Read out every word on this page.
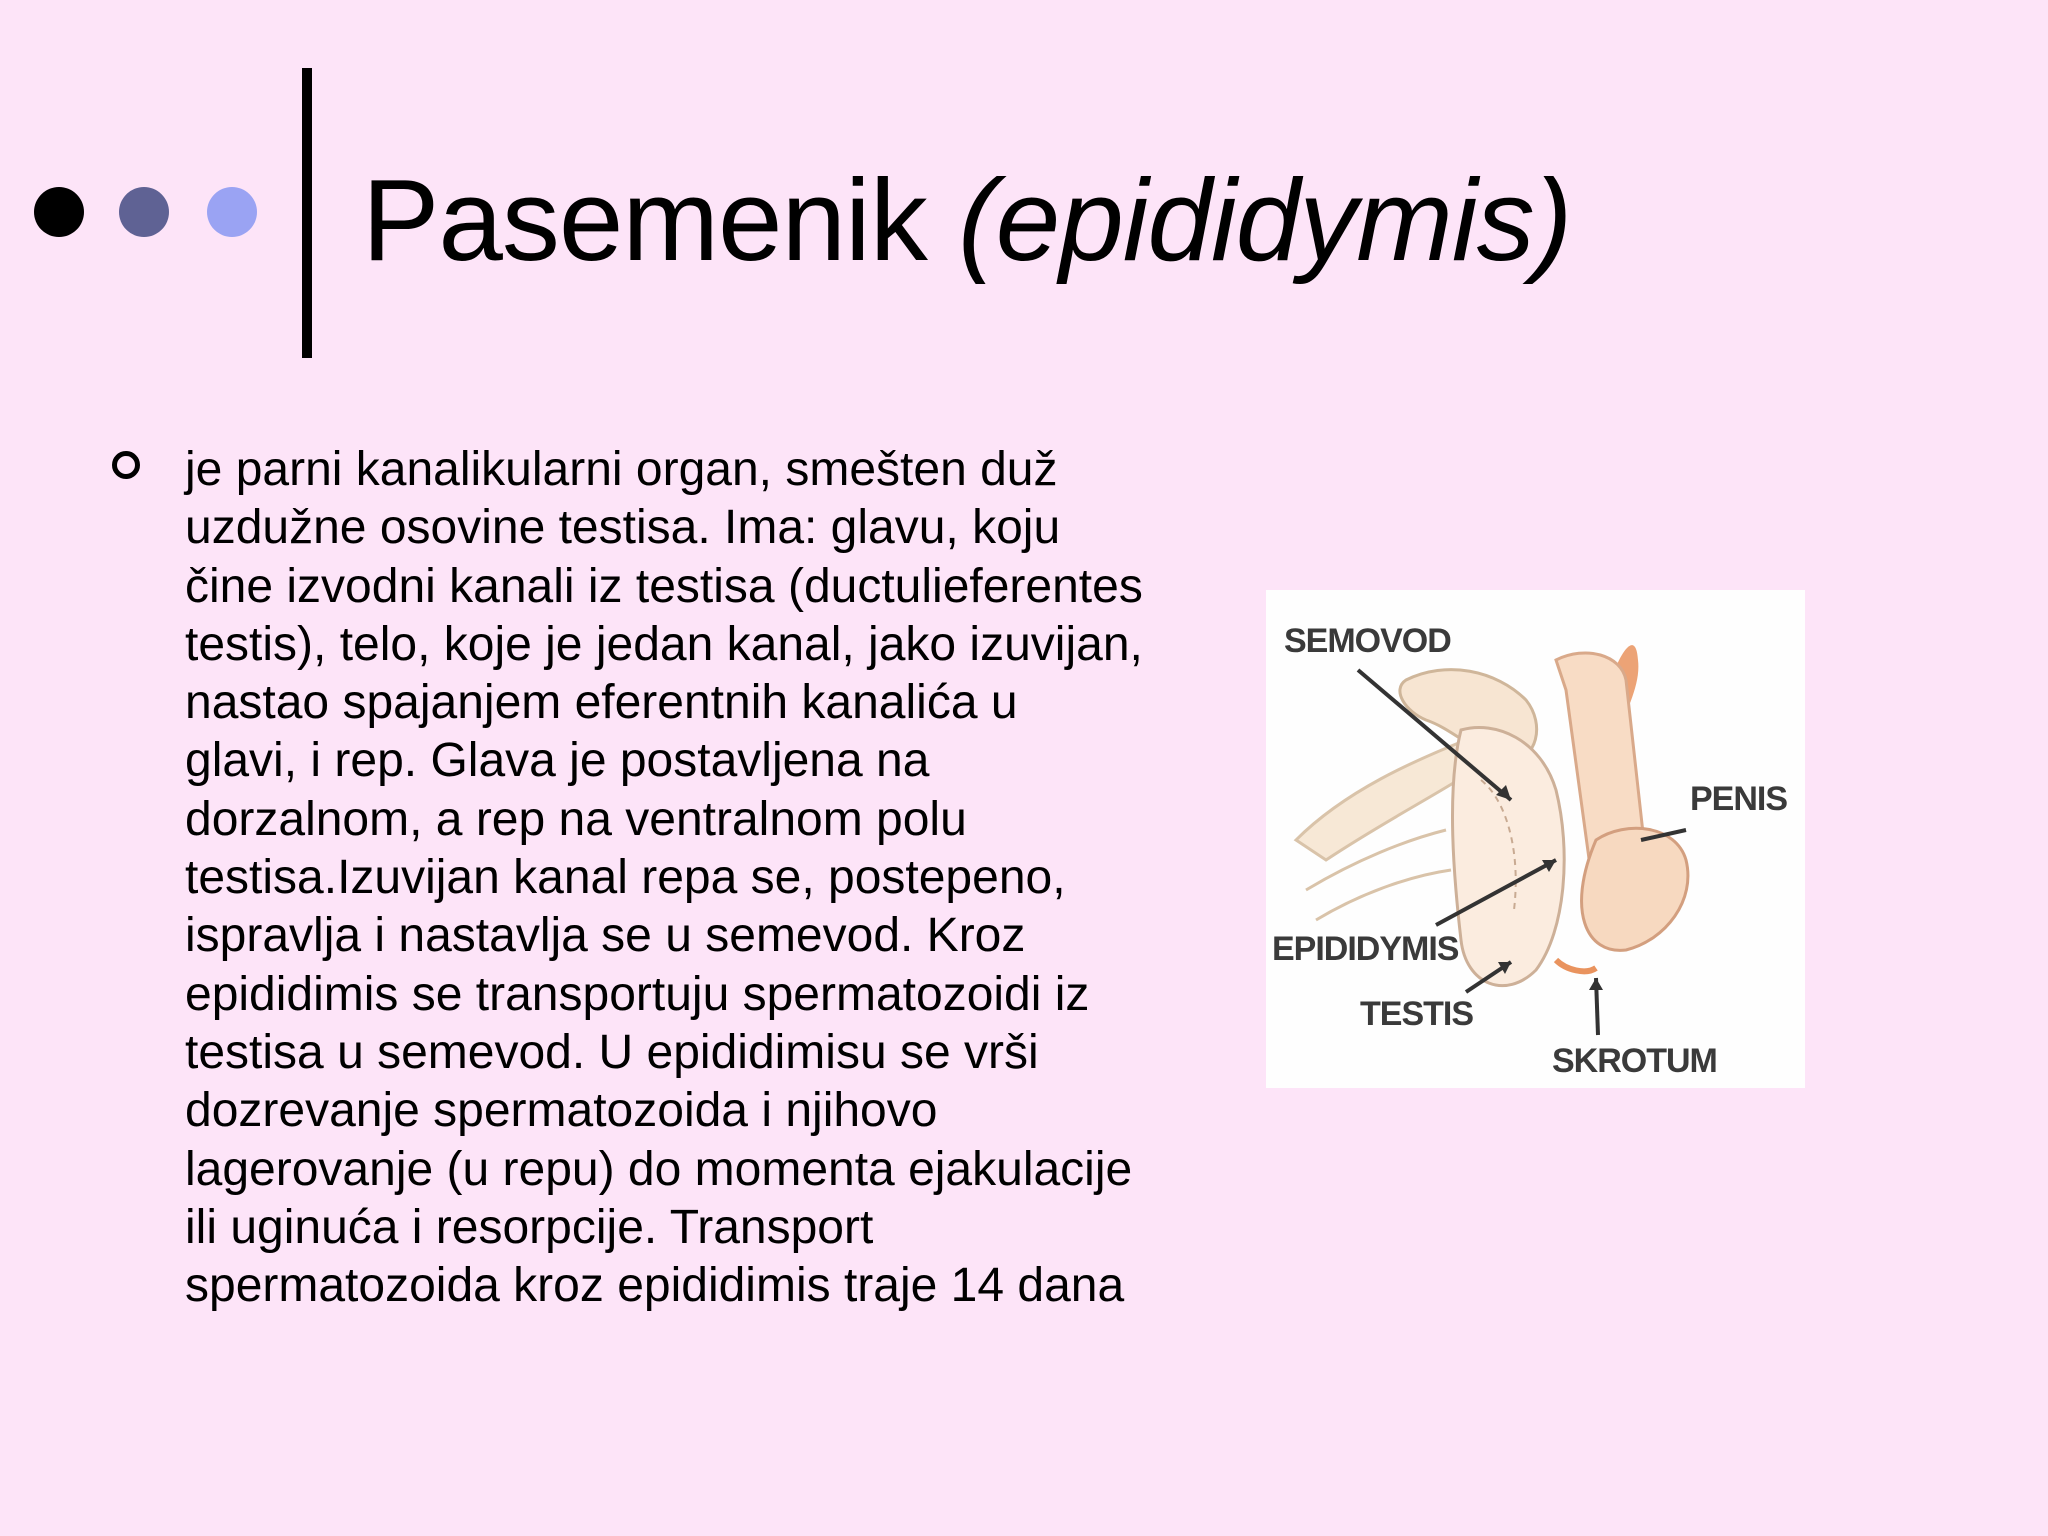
Pasemenik (epididymis)
je parni kanalikularni organ, smešten duž
uzdužne osovine testisa. Ima: glavu, koju
čine izvodni kanali iz testisa (ductulieferentes
testis), telo, koje je jedan kanal, jako izuvijan,
nastao spajanjem eferentnih kanalića u
glavi, i rep. Glava je postavljena na
dorzalnom, a rep na ventralnom polu
testisa.Izuvijan kanal repa se, postepeno,
ispravlja i nastavlja se u semevod. Kroz
epididimis se transportuju spermatozoidi iz
testisa u semevod. U epididimisu se vrši
dozrevanje spermatozoida i njihovo
lagerovanje (u repu) do momenta ejakulacije
ili uginuća i resorpcije. Transport
spermatozoida kroz epididimis traje 14 dana
SEMOVOD
PENIS
EPIDIDYMIS
TESTIS
SKROTUM
